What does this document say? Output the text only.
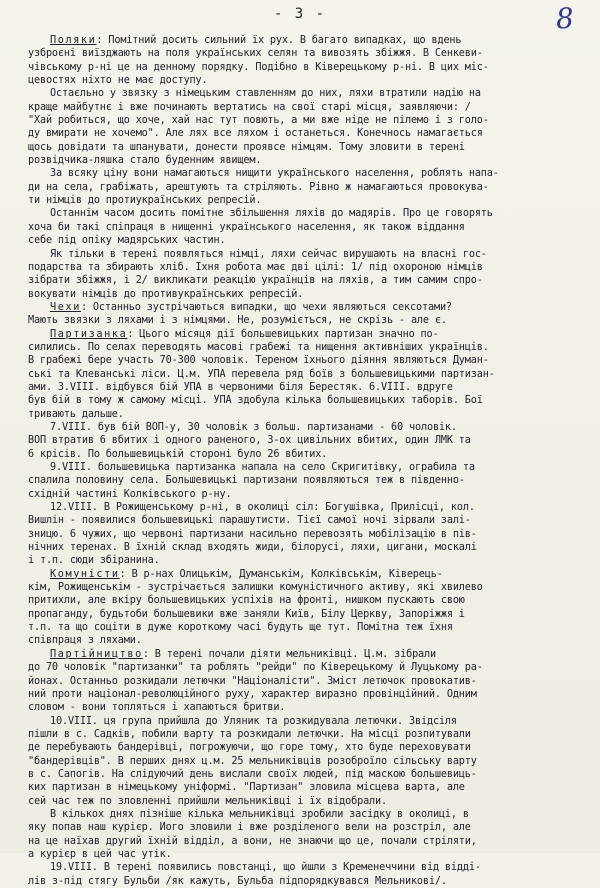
- 3 -	8
Поляки: Помітний досить сильний їх рух. В багато випадках, що вдень
узброєні виїзджають на поля українських селян та вивозять збіжжя. В Сенкеви-
чівському р-ні це на денному порядку. Подібно в Ківерецькому р-ні. В цих міс-
цевостях ніхто не має доступу.
Остаєльно у звязку з німецьким ставленням до них, ляхи втратили надію на
краще майбутнє і вже починають вертатись на свої старі місця, заявляючи: /
"Хай робиться, що хоче, хай нас тут повють, а ми вже ніде не пілемо і з голо-
ду вмирати не хочемо". Але лях все ляхом і останеться. Конечнось намагається
щось довідати та шпанувати, донести проявсе німцям. Тому зловити в терені
розвідчика-ляшка стало буденним явищем.
За всяку ціну вони намагаються нищити українського населення, роблять напа-
ди на села, грабіжать, арештують та стріляють. Рівно ж намагаються провокува-
ти німців до протиукраїнських репресій.
Останнім часом досить помітне збільшення ляхів до мадярів. Про це говорять
хоча би такі спіпраця в нищенні українського населення, як також віддання
себе під опіку мадярських частин.
Як тільки в терені появляться німці, ляхи сейчас вирушають на власні гос-
подарства та збирають хліб. Їхня робота має дві цілі: 1/ під охороною німців
зібрати збіжжя, і 2/ викликати реакцію українців на ляхів, а тим самим спро-
вокувати німців до противукраїнських репресій.
Чехи: Останньо зустрічаються випадки, що чехи являються сексотами?
Мають звязки з ляхами і з німцями. Не, розуміється, не скрізь - але є.
Партизанка: Цього місяця дії большевицьких партизан значно по-
силились. По селах переводять масові грабежі та нищення активніших українців.
В грабежі бере участь 70-300 чоловік. Тереном їхнього діяння являються Думан-
ські та Клеванські ліси. Ц.м. УПА перевела ряд боїв з большевицькими партизан-
ами. 3.VIII. відбувся бій УПА в червоними біля Берестяк. 6.VIII. вдруге
був бій в тому ж самому місці. УПА здобула кілька большевицьких таборів. Бої
тривають дальше.
7.VIII. був бій ВОП-у, 30 чоловік з больш. партизанами - 60 чоловік.
ВОП втратив 6 вбитих і одного раненого, 3-ох цивільних вбитих, один ЛМК та
6 крісів. По большевицькій стороні було 26 вбитих.
9.VIII. большевицька партизанка напала на село Скригитівку, ограбила та
спалила половину села. Большевицькі партизани появляються теж в південно-
східній частині Колківського р-ну.
12.VIII. В Рожищенському р-ні, в околиці сіл: Богушівка, Прилісці, кол.
Вишлін - появилися большевицькі парашутисти. Тієї самої ночі зірвали залі-
зницю. 6 чужих, що червоні партизани насильно перевозять мобілізацію в пів-
нічних теренах. В їхній склад входять жиди, білорусі, ляхи, цигани, москалі
і т.п. сюди збіранина.
Комуністи: В р-нах Олицькім, Думанськім, Колківськім, Ківерець-
кім, Рожищенськім - зустрічається залишки комуністичного активу, які хвилево
притихли, але вкіру большевицьких успіхів на фронті, нишком пускають свою
пропаганду, будьтоби большевики вже заняли Київ, Білу Церкву, Запоріжжя і
т.п. та що соціти в дуже короткому часі будуть ще тут. Помітна теж їхня
співпраця з ляхами.
Партійництво: В терені почали діяти мельниківці. Ц.м. зібрали
до 70 чоловік "партизанки" та роблять "рейди" по Ківерецькому й Луцькому ра-
йонах. Останньо розкидали летючки "Націоналісти". Зміст летючок провокатив-
ний проти націонал-революційного руху, характер виразно провінційний. Одним
словом - вони топляться і хапаються бритви.
10.VIII. ця група прийшла до Уляник та розкидувала летючки. Звідсіля
пішли в с. Садків, побили варту та розкидали летючки. На місці розпитували
де перебувають бандерівці, погрожуючи, що горе тому, хто буде переховувати
"бандерівців". В перших днях ц.м. 25 мельниківців розоброїло сільську варту
в с. Сапогів. На слідуючий день вислали своїх людей, під маскою большевиць-
ких партизан в німецькому уніформі. "Партизан" зловила місцева варта, але
сей час теж по зловленні прийшли мельниківці і їх відобрали.
В кількох днях пізніше кілька мельниківці зробили засідку в околиці, в
яку попав наш курієр. Його зловили і вже розділеного вели на розстріл, але
на це наїхав другий їхній відділ, а вони, не знаючи що це, почали стріляти,
а курієр в цей час утік.
19.VIII. В терені появились повстанці, що йшли з Кременеччини від відді-
лів з-під стягу Бульби /як кажуть, Бульба підпорядкувався Мельникові/.
